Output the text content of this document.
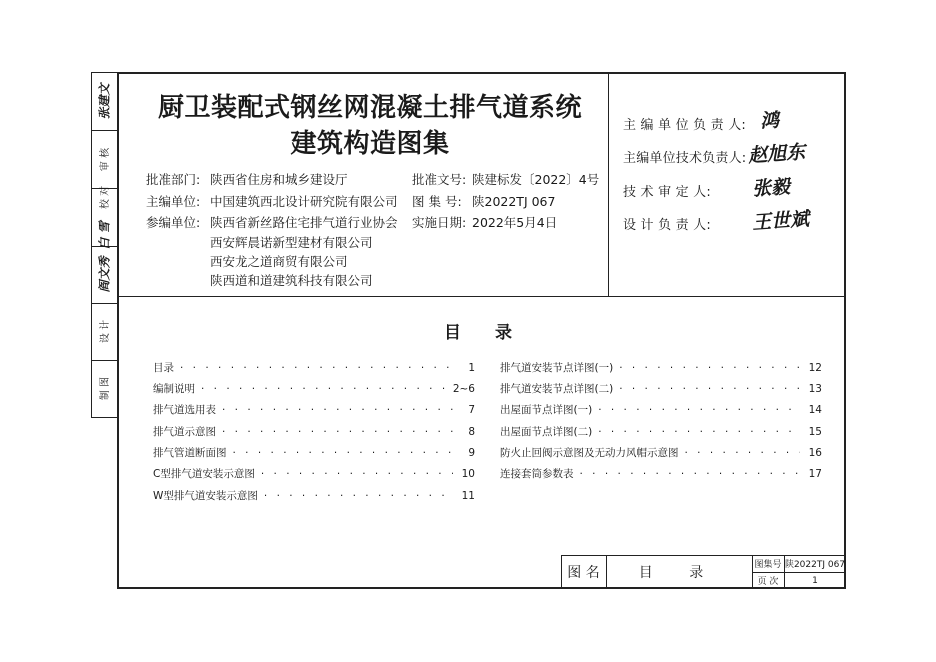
厨卫装配式钢丝网混凝土排气道系统
建筑构造图集
批准部门: 陕西省住房和城乡建设厅
主编单位: 中国建筑西北设计研究院有限公司
参编单位: 陕西省新丝路住宅排气道行业协会
西安辉晨诺新型建材有限公司
西安龙之道商贸有限公司
陕西道和道建筑科技有限公司
批准文号: 陕建标发〔2022〕4号
图 集 号: 陕2022TJ 067
实施日期: 2022年5月4日
主 编 单 位 负 责 人: 鸿
主编单位技术负责人: 赵旭东
技 术 审 定 人: 张毅
设 计 负 责 人: 王世斌
目 录
目录 · · ·	1
编制说明 · · ·	2~6
排气道选用表 · · ·	7
排气道示意图 · · ·	8
排气管道断面图 · · ·	9
C型排气道安装示意图 · · ·	10
W型排气道安装示意图 · · ·	11
排气道安装节点详图(一) · · ·	12
排气道安装节点详图(二) · · ·	13
出屋面节点详图(一) · · ·	14
出屋面节点详图(二) · · ·	15
防火止回阀示意图及无动力风帽示意图 · · ·	16
连接套筒参数表 · · ·	17
张建文
审 核
校 对
白 雪
阎文秀
设 计
制 图
图 名	目 录	图集号 陕2022TJ 067
页 次	1
